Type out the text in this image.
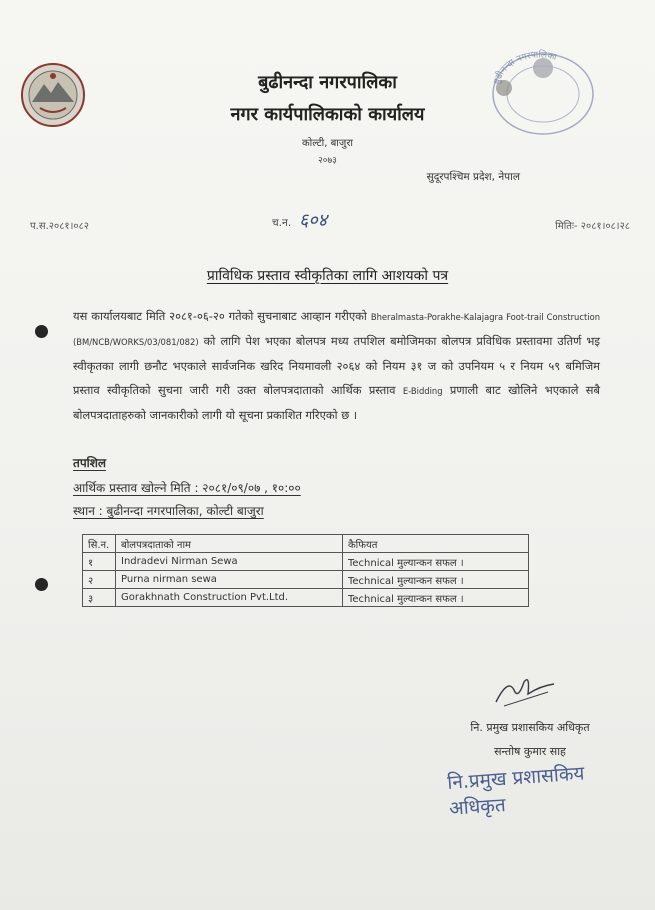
बुढीनन्दा नगरपालिका
नगर कार्यपालिकाको कार्यालय
कोल्टी, बाजुरा
२०७३
बुढीनन्दा नगरपालिका
सुदूरपश्चिम प्रदेश, नेपाल
प.स.२०८१।०८२	च.न. ६०४	मितिः- २०८१।०८।२८
प्राविधिक प्रस्ताव स्वीकृतिका लागि आशयको पत्र
यस कार्यालयबाट मिति २०८१-०६-२० गतेको सुचनाबाट आव्हान गरीएको Bheralmasta-Porakhe-Kalajagra Foot-trail Construction (BM/NCB/WORKS/03/081/082) को लागि पेश भएका बोलपत्र मध्य तपशिल बमोजिमका बोलपत्र प्रविधिक प्रस्तावमा उतिर्ण भइ स्वीकृतका लागी छनौट भएकाले सार्वजनिक खरिद नियमावली २०६४ को नियम ३१ ज को उपनियम ५ र नियम ५९ बमिजिम प्रस्ताव स्वीकृतिको सुचना जारी गरी उक्त बोलपत्रदाताको आर्थिक प्रस्ताव E-Bidding प्रणाली बाट खोलिने भएकाले सबै बोलपत्रदाताहरुको जानकारीको लागी यो सूचना प्रकाशित गरिएको छ ।
तपशिल
आर्थिक प्रस्ताव खोल्ने मिति : २०८१/०९/०७ , १०:००
स्थान : बुढीनन्दा नगरपालिका, कोल्टी बाजुरा
सि.न.	बोलपत्रदाताको नाम	कैफियत
१	Indradevi Nirman Sewa	Technical मुल्यान्कन सफल ।
२	Purna nirman sewa	Technical मुल्यान्कन सफल ।
३	Gorakhnath Construction Pvt.Ltd.	Technical मुल्यान्कन सफल ।
नि. प्रमुख प्रशासकिय अधिकृत
सन्तोष कुमार साह
नि.प्रमुख प्रशासकिय अधिकृत
